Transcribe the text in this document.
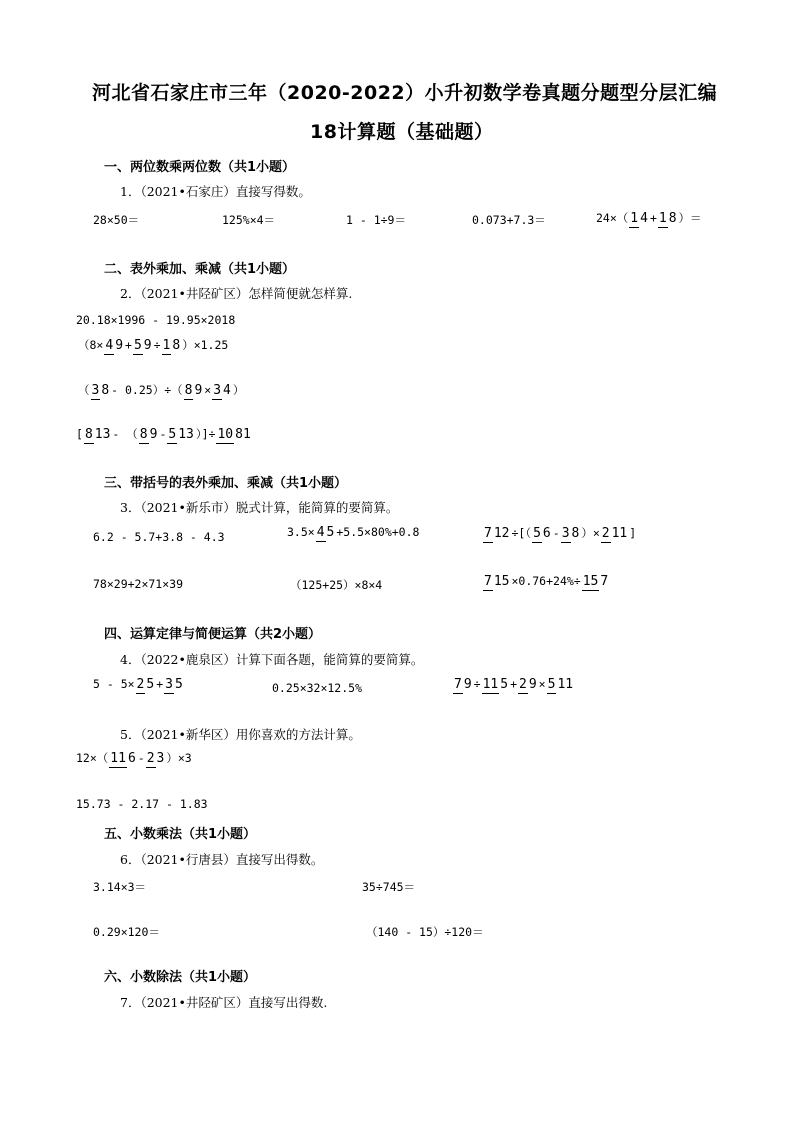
河北省石家庄市三年（2020-2022）小升初数学卷真题分题型分层汇编
18计算题（基础题）
一、两位数乘两位数（共1小题）
1．（2021•石家庄）直接写得数。
28×50＝	125%×4＝	1 - 1÷9＝	0.073+7.3＝	24×（ 1 4 + 1 8 ）＝
二、表外乘加、乘减（共1小题）
2．（2021•井陉矿区）怎样简便就怎样算.
20.18×1996 - 19.95×2018
（8× 4 9 + 5 9 ÷ 1 8 ）×1.25
（ 3 8 - 0.25）÷（ 8 9 × 3 4 ）
[ 8 13 - （ 8 9 - 5 13 ）]÷ 10 81
三、带括号的表外乘加、乘减（共1小题）
3．（2021•新乐市）脱式计算，能简算的要简算。
6.2 - 5.7+3.8 - 4.3	3.5× 4 5 +5.5×80%+0.8	7 12 ÷[（ 5 6 - 3 8 ）× 2 11 ]
78×29+2×71×39	（125+25）×8×4	7 15 ×0.76+24%÷ 15 7
四、运算定律与简便运算（共2小题）
4．（2022•鹿泉区）计算下面各题，能简算的要简算。
5 - 5× 2 5 + 3 5	0.25×32×12.5%	7 9 ÷ 11 5 + 2 9 × 5 11
5．（2021•新华区）用你喜欢的方法计算。
12×（ 11 6 - 2 3 ）×3
15.73 - 2.17 - 1.83
五、小数乘法（共1小题）
6．（2021•行唐县）直接写出得数。
3.14×3＝	35÷745＝
0.29×120＝	（140 - 15）÷120＝
六、小数除法（共1小题）
7．（2021•井陉矿区）直接写出得数.
